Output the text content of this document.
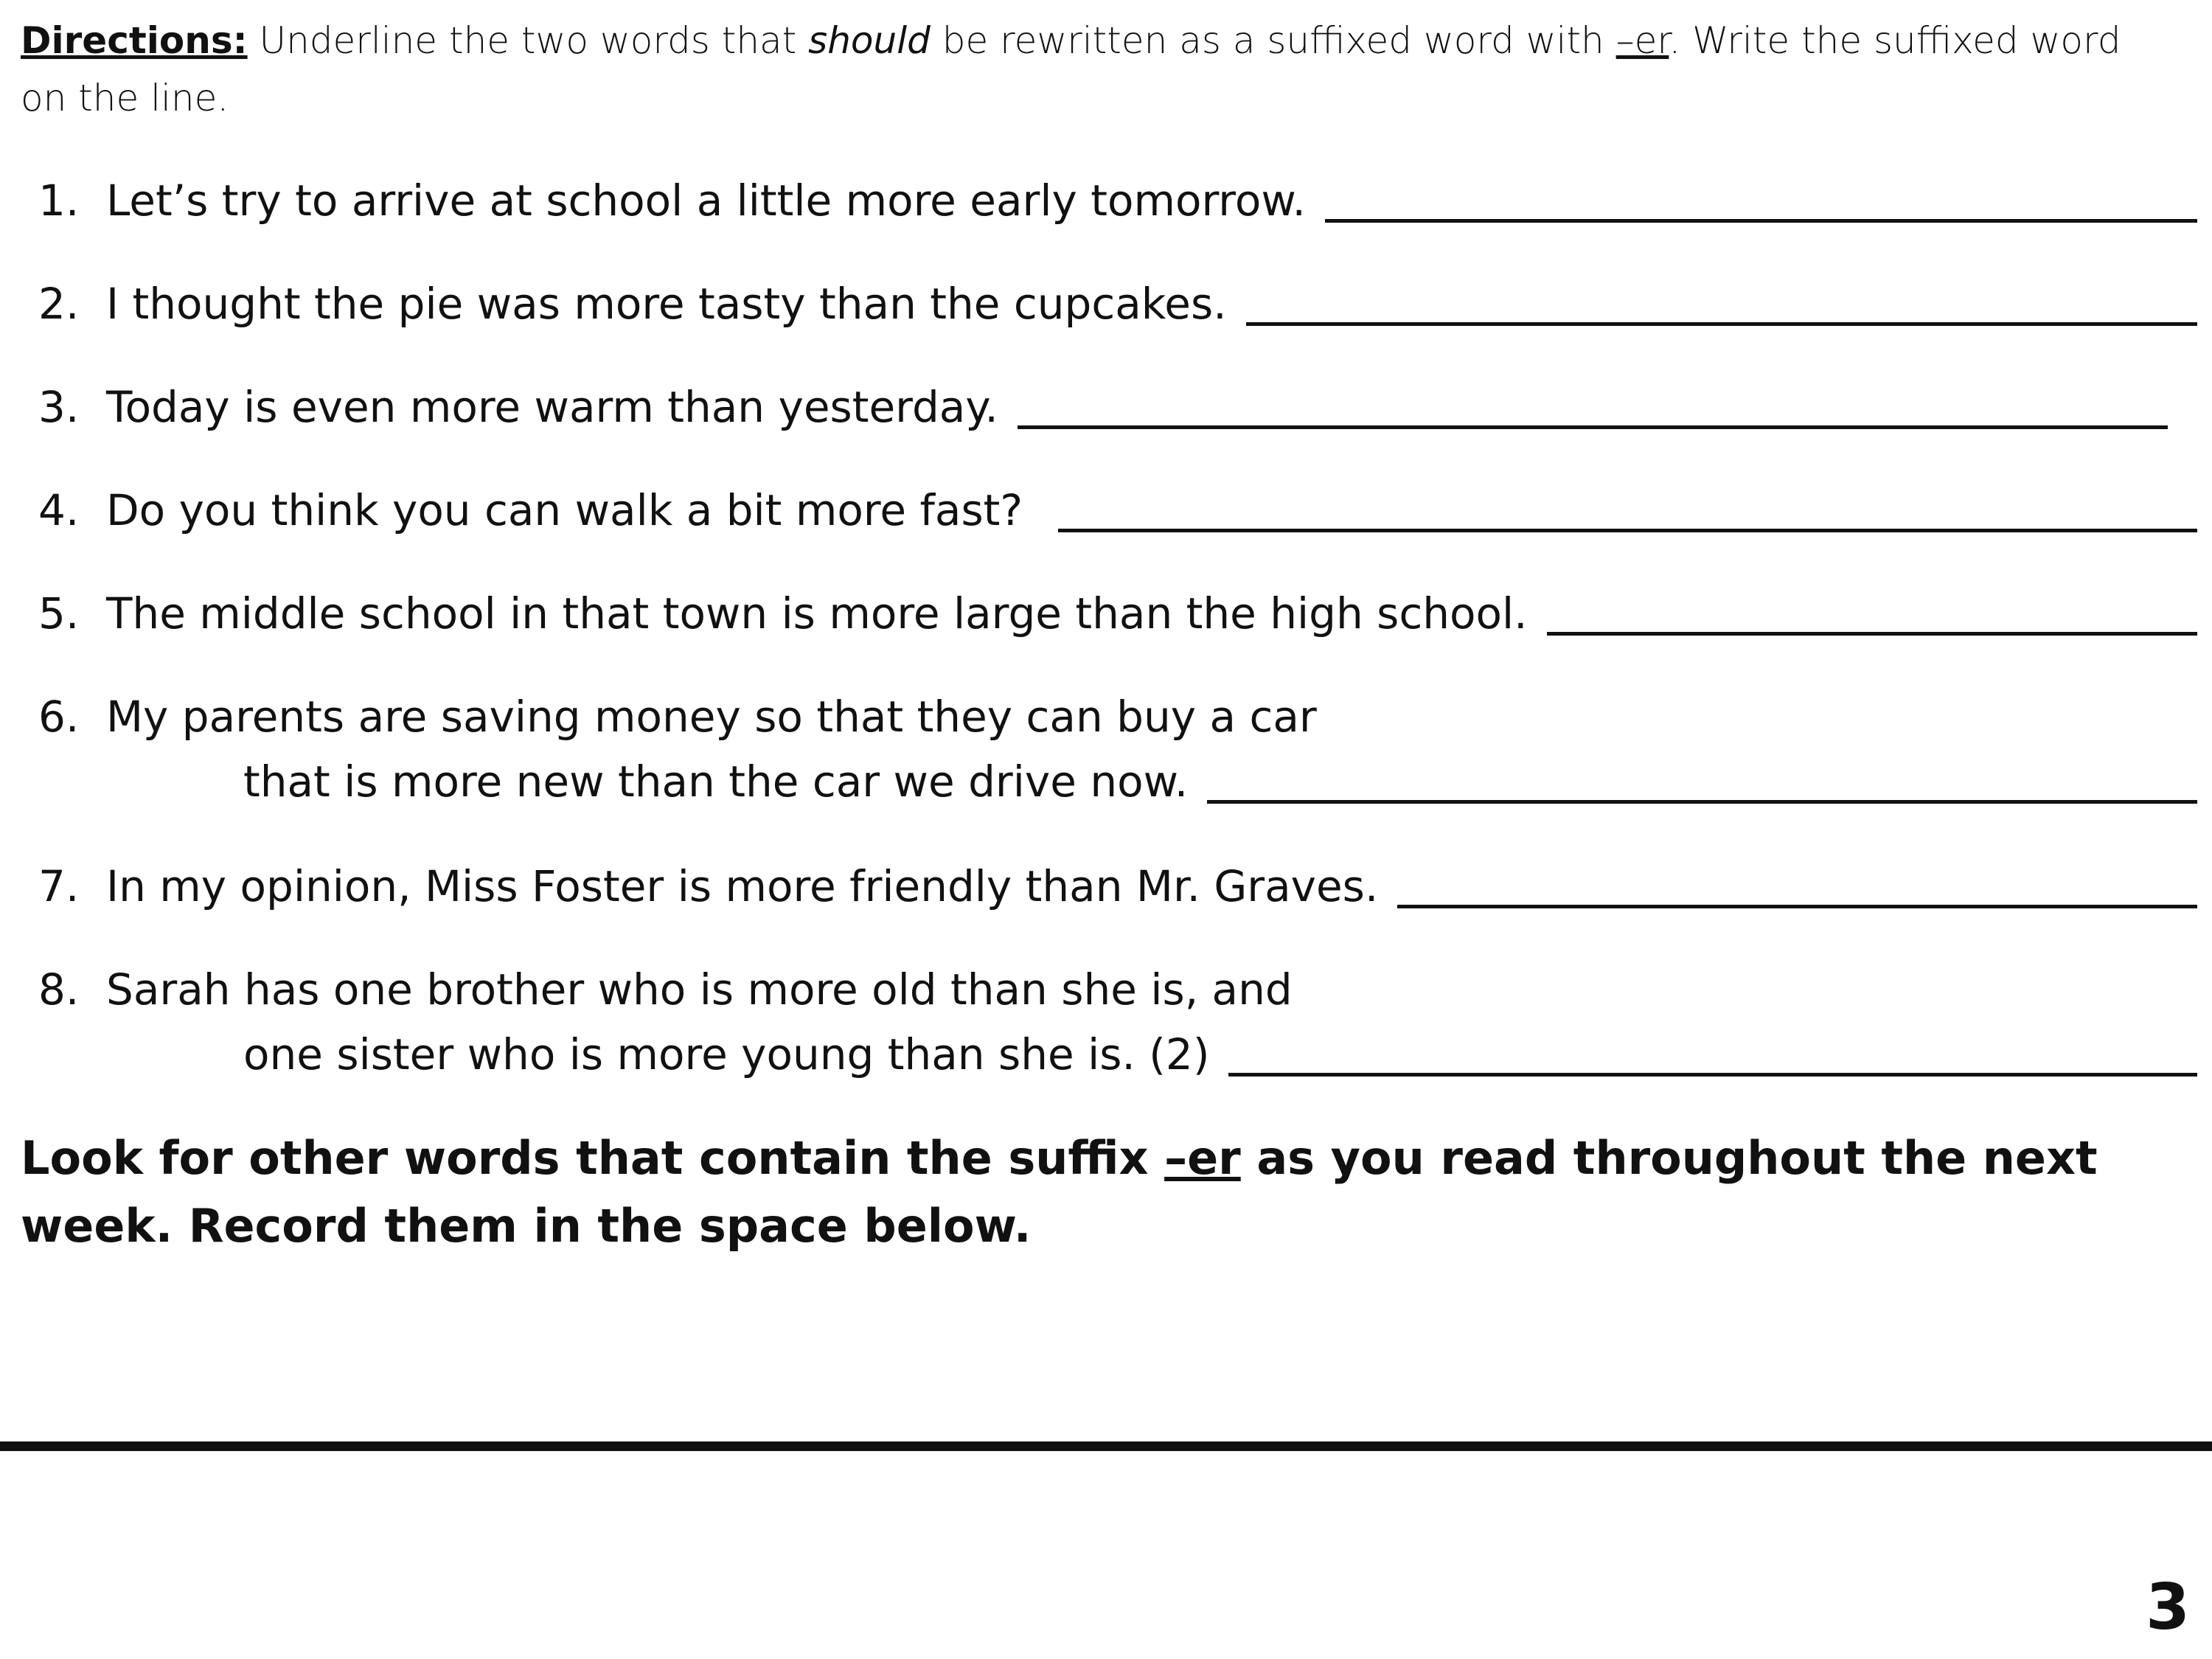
Directions: Underline the two words that should be rewritten as a suffixed word with –er. Write the suffixed word on the line.
1. Let’s try to arrive at school a little more early tomorrow.
2. I thought the pie was more tasty than the cupcakes.
3. Today is even more warm than yesterday.
4. Do you think you can walk a bit more fast?
5. The middle school in that town is more large than the high school.
6. My parents are saving money so that they can buy a car
that is more new than the car we drive now.
7. In my opinion, Miss Foster is more friendly than Mr. Graves.
8. Sarah has one brother who is more old than she is, and
one sister who is more young than she is. (2)
Look for other words that contain the suffix –er as you read throughout the next week. Record them in the space below.
3
